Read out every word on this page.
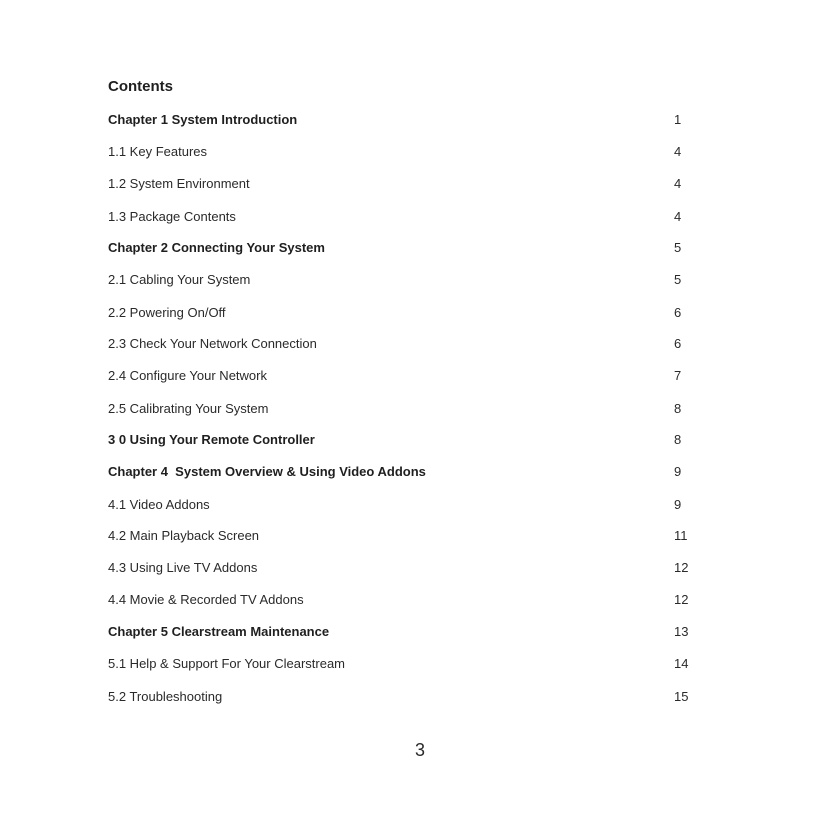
Contents
Chapter 1 System Introduction	1
1.1 Key Features	4
1.2 System Environment	4
1.3 Package Contents	4
Chapter 2 Connecting Your System	5
2.1 Cabling Your System	5
2.2 Powering On/Off	6
2.3 Check Your Network Connection	6
2.4 Configure Your Network	7
2.5 Calibrating Your System	8
3 0 Using Your Remote Controller	8
Chapter 4  System Overview & Using Video Addons	9
4.1 Video Addons	9
4.2 Main Playback Screen	11
4.3 Using Live TV Addons	12
4.4 Movie & Recorded TV Addons	12
Chapter 5 Clearstream Maintenance	13
5.1 Help & Support For Your Clearstream	14
5.2 Troubleshooting	15
3
